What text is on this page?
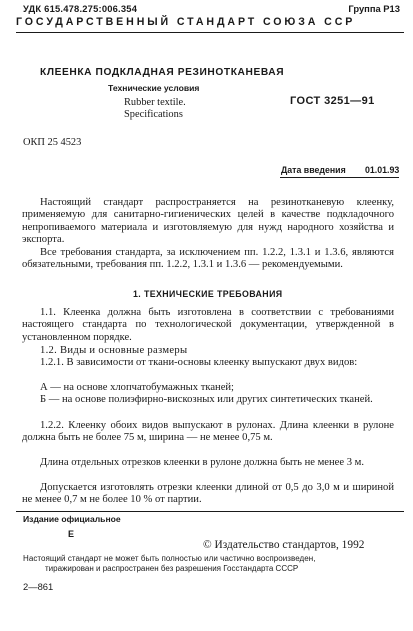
УДК 615.478.275:006.354	Группа Р13
ГОСУДАРСТВЕННЫЙ СТАНДАРТ СОЮЗА ССР
КЛЕЕНКА ПОДКЛАДНАЯ РЕЗИНОТКАНЕВАЯ
Технические условия
Rubber textile.
Specifications
ГОСТ 3251—91
ОКП 25 4523
Дата введения 01.01.93

Настоящий стандарт распространяется на резинотканевую клеенку, применяемую для санитарно-гигиенических целей в качестве подкладочного непропиваемого материала и изготовляемую для нужд народного хозяйства и экспорта.

Все требования стандарта, за исключением пп. 1.2.2, 1.3.1 и 1.3.6, являются обязательными, требования пп. 1.2.2, 1.3.1 и 1.3.6 — рекомендуемыми.

1. ТЕХНИЧЕСКИЕ ТРЕБОВАНИЯ

1.1. Клеенка должна быть изготовлена в соответствии с требованиями настоящего стандарта по технологической документации, утвержденной в установленном порядке.

1.2. Виды и основные размеры

1.2.1. В зависимости от ткани-основы клеенку выпускают двух видов:

А — на основе хлопчатобумажных тканей;

Б — на основе полиэфирно-вискозных или других синтетических тканей.

1.2.2. Клеенку обоих видов выпускают в рулонах. Длина клеенки в рулоне должна быть не более 75 м, ширина — не менее 0,75 м.

Длина отдельных отрезков клеенки в рулоне должна быть не менее 3 м.

Допускается изготовлять отрезки клеенки длиной от 0,5 до 3,0 м и шириной не менее 0,7 м не более 10 % от партии.

Издание официальное
Е
© Издательство стандартов, 1992
Настоящий стандарт не может быть полностью или частично воспроизведен,
тиражирован и распространен без разрешения Госстандарта СССР
2—861
